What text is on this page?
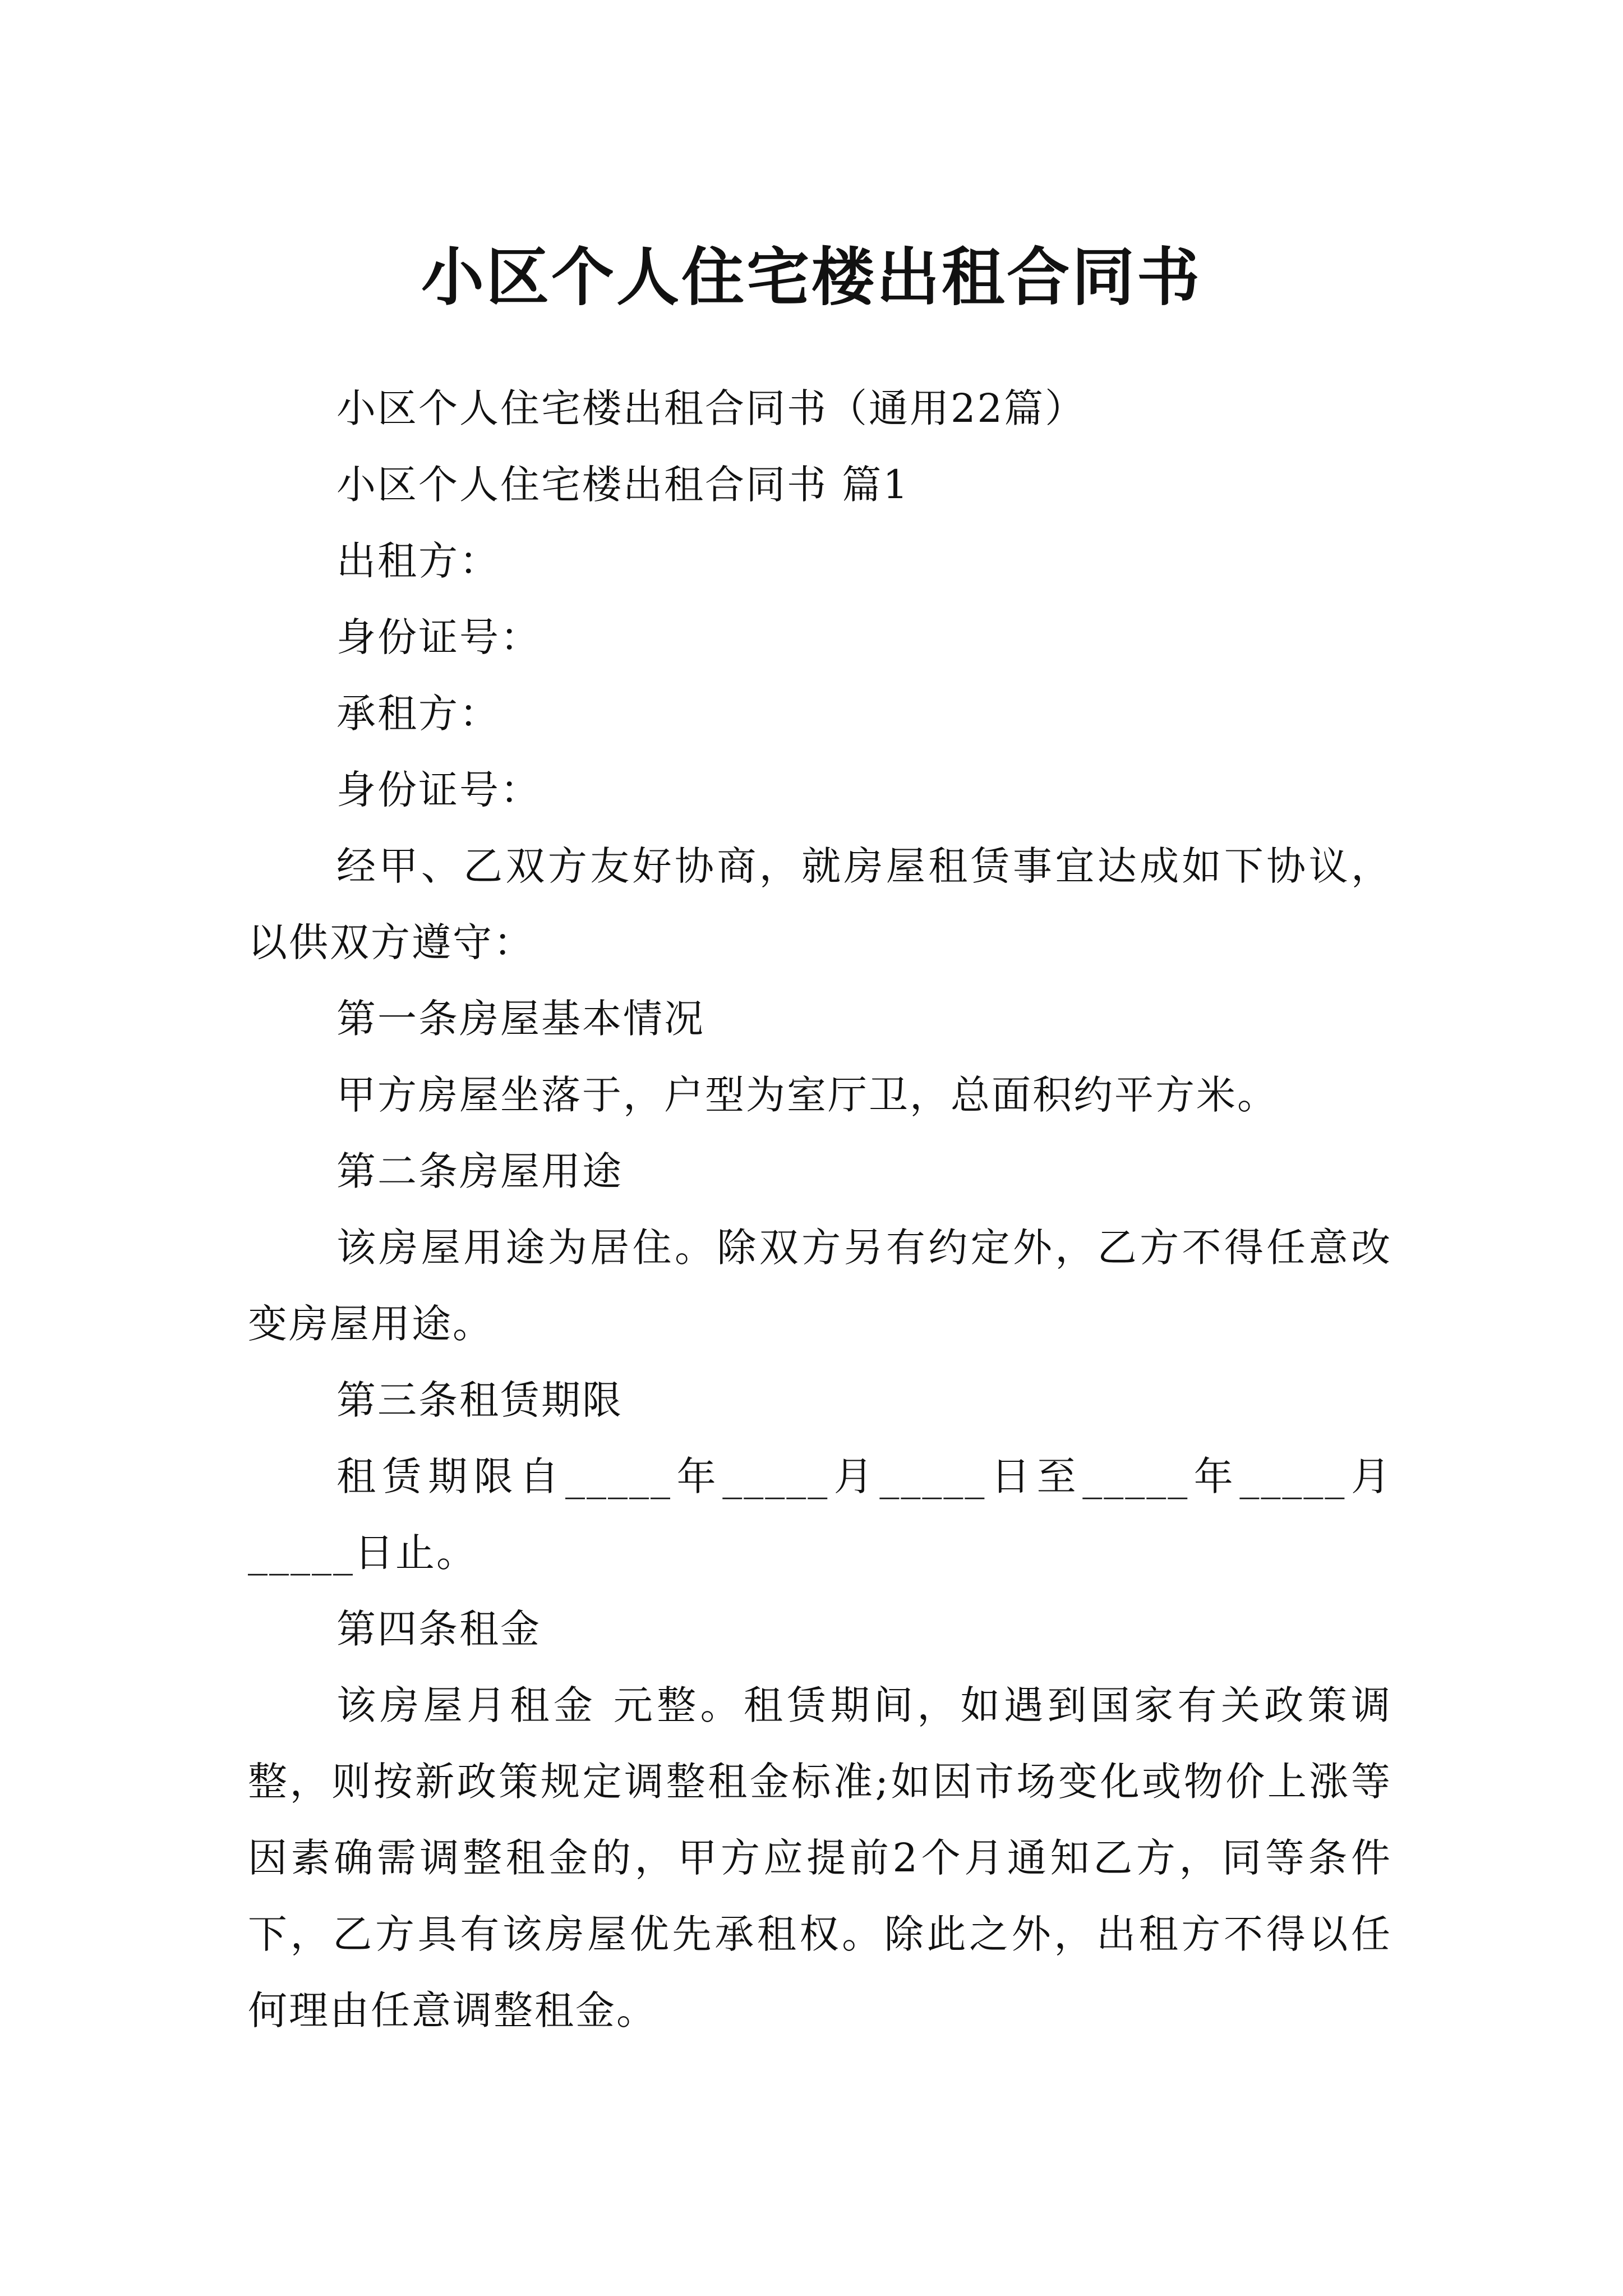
小区个人住宅楼出租合同书

小区个人住宅楼出租合同书（通用22篇）

小区个人住宅楼出租合同书 篇1

出租方：

身份证号：

承租方：

身份证号：

经甲、乙双方友好协商，就房屋租赁事宜达成如下协议，以供双方遵守：

第一条房屋基本情况

甲方房屋坐落于，户型为室厅卫，总面积约平方米。

第二条房屋用途

该房屋用途为居住。除双方另有约定外，乙方不得任意改变房屋用途。

第三条租赁期限

租赁期限自_____年_____月_____日至_____年_____月_____日止。

第四条租金

该房屋月租金 元整。租赁期间，如遇到国家有关政策调整，则按新政策规定调整租金标准;如因市场变化或物价上涨等因素确需调整租金的，甲方应提前2个月通知乙方，同等条件下，乙方具有该房屋优先承租权。除此之外，出租方不得以任何理由任意调整租金。
